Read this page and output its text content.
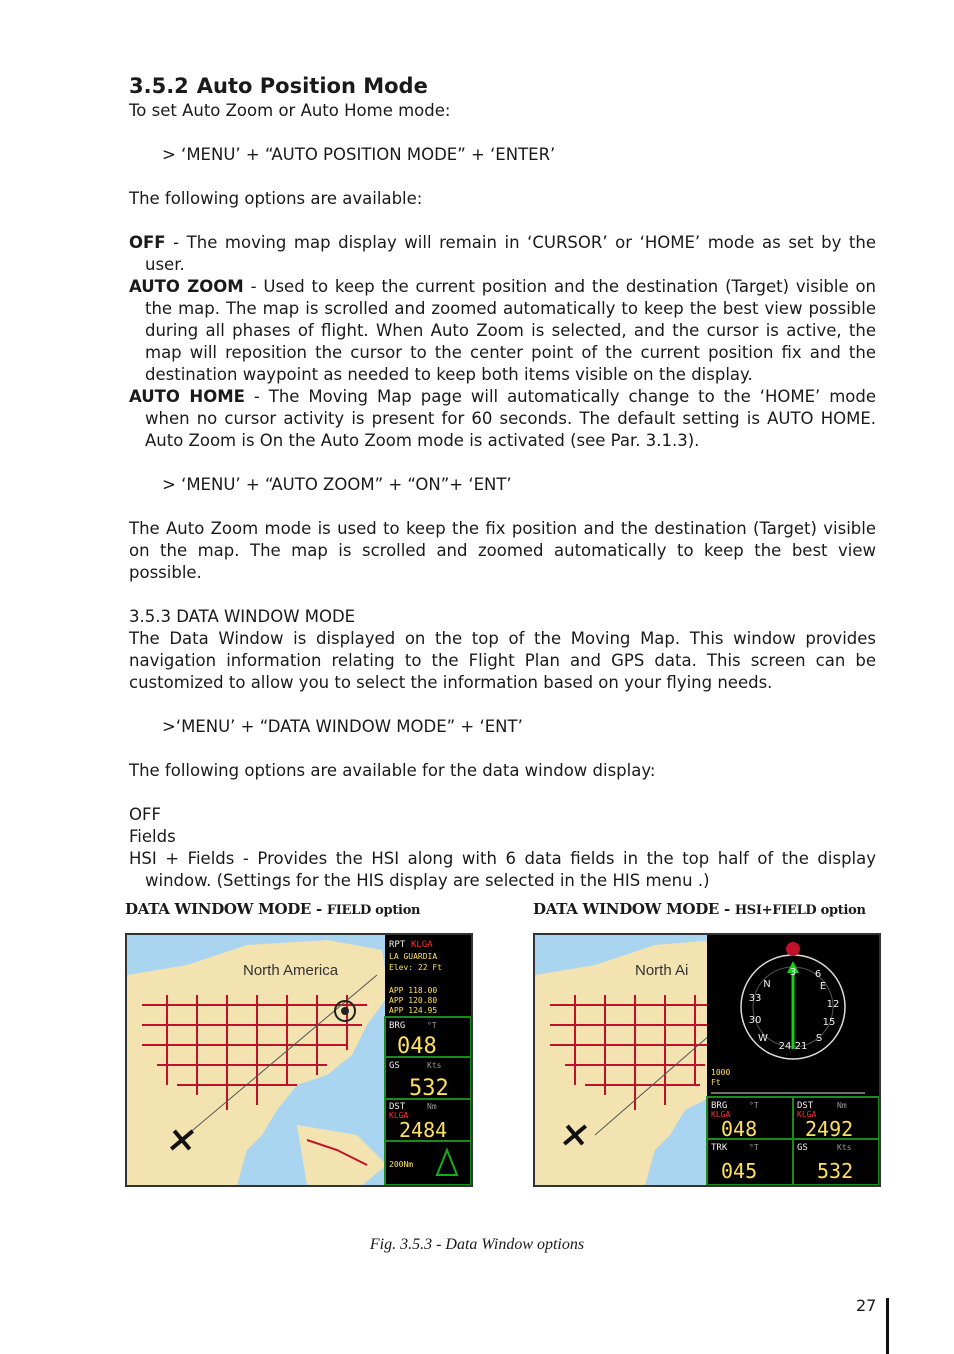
3.5.2 Auto Position Mode

To set Auto Zoom or Auto Home mode:

> ‘MENU’ + “AUTO POSITION MODE” + ‘ENTER’

The following options are available:

OFF - The moving map display will remain in ‘CURSOR’ or ‘HOME’ mode as set by the user.

AUTO ZOOM - Used to keep the current position and the destination (Target) visible on the map. The map is scrolled and zoomed automatically to keep the best view possible during all phases of flight. When Auto Zoom is selected, and the cursor is active, the map will reposition the cursor to the center point of the current position fix and the destination waypoint as needed to keep both items visible on the display.

AUTO HOME - The Moving Map page will automatically change to the ‘HOME’ mode when no cursor activity is present for 60 seconds. The default setting is AUTO HOME. Auto Zoom is On the Auto Zoom mode is activated (see Par. 3.1.3).

> ‘MENU’ + “AUTO ZOOM” + “ON”+ ‘ENT’

The Auto Zoom mode is used to keep the fix position and the destination (Target) visible on the map. The map is scrolled and zoomed automatically to keep the best view possible.

3.5.3 DATA WINDOW MODE

The Data Window is displayed on the top of the Moving Map. This window provides navigation information relating to the Flight Plan and GPS data. This screen can be customized to allow you to select the information based on your flying needs.

>‘MENU’ + “DATA WINDOW MODE” + ‘ENT’

The following options are available for the data window display:

OFF

Fields

HSI + Fields - Provides the HSI along with 6 data fields in the top half of the display window. (Settings for the HIS display are selected in the HIS menu .)

DATA WINDOW MODE - FIELD option
North America
RPT KLGA
LA GUARDIA
Elev: 22 Ft
APP 118.00
APP 120.80
APP 124.95
BRG	°T
048
GS	Kts
532
DST
KLGA
Nm
2484
200Nm
DATA WINDOW MODE - HSI+FIELD option
North Ai
N
3 6
E
12
15
S
21
24
W
30
33
1000
Ft
BRG	°T
KLGA
048
DST
KLGA
Nm
2492
TRK	°T
045
GS	Kts
532
Fig. 3.5.3 - Data Window options
27
